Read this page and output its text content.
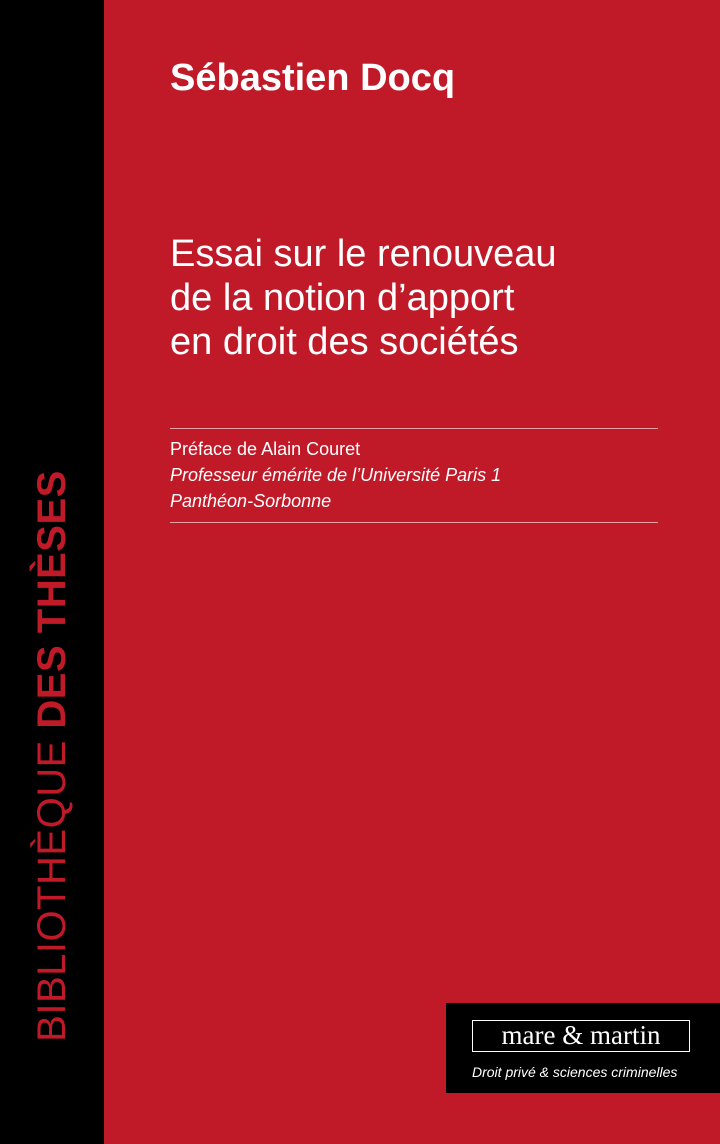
BIBLIOTHÈQUE DES THÈSES
Sébastien Docq
Essai sur le renouveau
de la notion d’apport
en droit des sociétés
Préface de Alain Couret
Professeur émérite de l’Université Paris 1
Panthéon-Sorbonne
mare & martin
Droit privé & sciences criminelles
